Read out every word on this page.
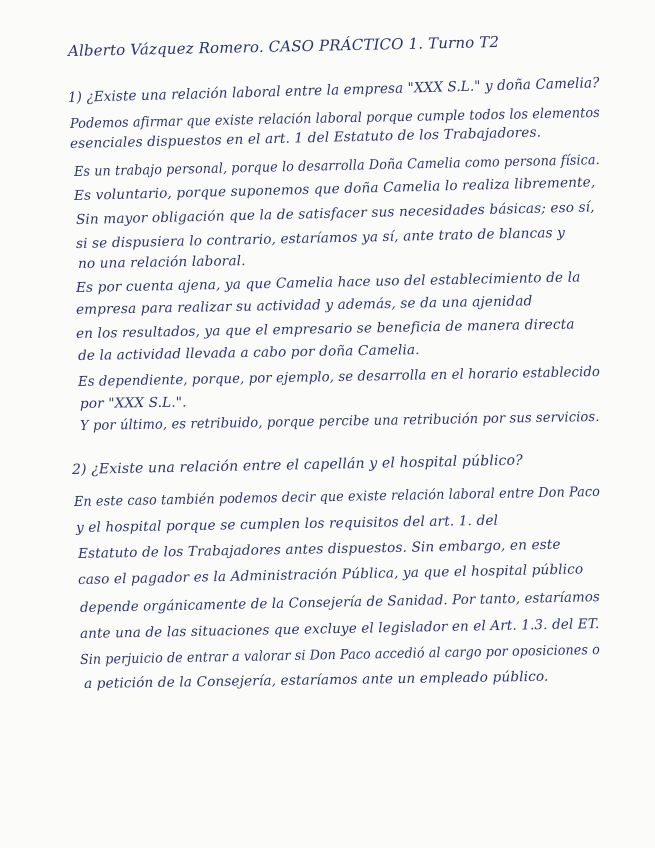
Alberto Vázquez Romero. CASO PRÁCTICO 1. Turno T2
1) ¿Existe una relación laboral entre la empresa "XXX S.L." y doña Camelia?
Podemos afirmar que existe relación laboral porque cumple todos los elementos
esenciales dispuestos en el art. 1 del Estatuto de los Trabajadores.
Es un trabajo personal, porque lo desarrolla Doña Camelia como persona física.
Es voluntario, porque suponemos que doña Camelia lo realiza libremente,
Sin mayor obligación que la de satisfacer sus necesidades básicas; eso sí,
si se dispusiera lo contrario, estaríamos ya sí, ante trato de blancas y
no una relación laboral.
Es por cuenta ajena, ya que Camelia hace uso del establecimiento de la
empresa para realizar su actividad y además, se da una ajenidad
en los resultados, ya que el empresario se beneficia de manera directa
de la actividad llevada a cabo por doña Camelia.
Es dependiente, porque, por ejemplo, se desarrolla en el horario establecido
por "XXX S.L.".
Y por último, es retribuido, porque percibe una retribución por sus servicios.
2) ¿Existe una relación entre el capellán y el hospital público?
En este caso también podemos decir que existe relación laboral entre Don Paco
y el hospital porque se cumplen los requisitos del art. 1. del
Estatuto de los Trabajadores antes dispuestos. Sin embargo, en este
caso el pagador es la Administración Pública, ya que el hospital público
depende orgánicamente de la Consejería de Sanidad. Por tanto, estaríamos
ante una de las situaciones que excluye el legislador en el Art. 1.3. del ET.
Sin perjuicio de entrar a valorar si Don Paco accedió al cargo por oposiciones o
a petición de la Consejería, estaríamos ante un empleado público.
